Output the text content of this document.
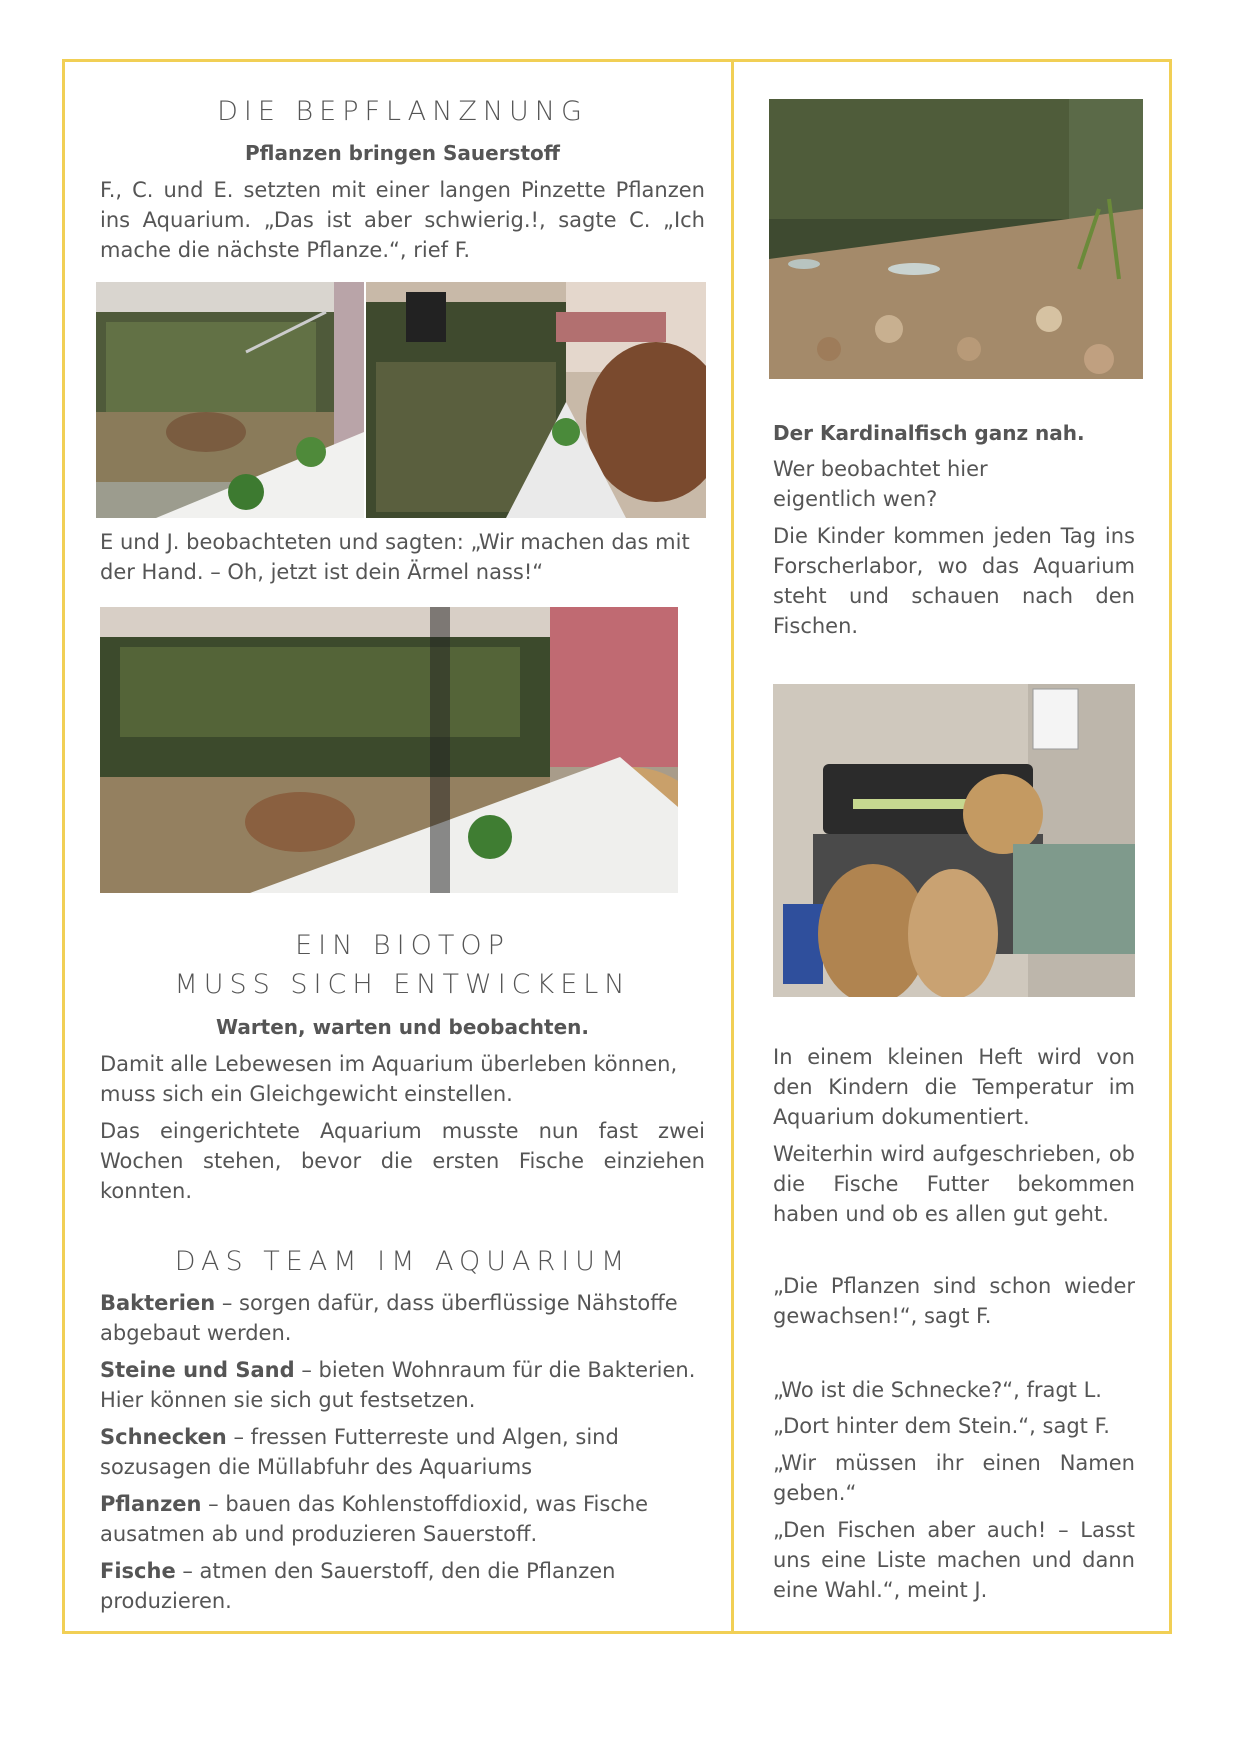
DIE BEPFLANZNUNG
Pflanzen bringen Sauerstoff

F., C. und E. setzten mit einer langen Pinzette Pflanzen ins Aquarium. „Das ist aber schwierig.!, sagte C. „Ich mache die nächste Pflanze.“, rief F.

E und J. beobachteten und sagten: „Wir machen das mit der Hand. – Oh, jetzt ist dein Ärmel nass!“

EIN BIOTOP
MUSS SICH ENTWICKELN
Warten, warten und beobachten.

Damit alle Lebewesen im Aquarium überleben können, muss sich ein Gleichgewicht einstellen.

Das eingerichtete Aquarium musste nun fast zwei Wochen stehen, bevor die ersten Fische einziehen konnten.

DAS TEAM IM AQUARIUM

Bakterien – sorgen dafür, dass überflüssige Nähstoffe abgebaut werden.

Steine und Sand – bieten Wohnraum für die Bakterien. Hier können sie sich gut festsetzen.

Schnecken – fressen Futterreste und Algen, sind sozusagen die Müllabfuhr des Aquariums

Pflanzen – bauen das Kohlenstoffdioxid, was Fische ausatmen ab und produzieren Sauerstoff.

Fische – atmen den Sauerstoff, den die Pflanzen produzieren.

Der Kardinalfisch ganz nah.

Wer beobachtet hier eigentlich wen?

Die Kinder kommen jeden Tag ins Forscherlabor, wo das Aquarium steht und schauen nach den Fischen.

In einem kleinen Heft wird von den Kindern die Temperatur im Aquarium dokumentiert.

Weiterhin wird aufgeschrieben, ob die Fische Futter bekommen haben und ob es allen gut geht.

„Die Pflanzen sind schon wieder gewachsen!“, sagt F.

„Wo ist die Schnecke?“, fragt L.

„Dort hinter dem Stein.“, sagt F.

„Wir müssen ihr einen Namen geben.“

„Den Fischen aber auch! – Lasst uns eine Liste machen und dann eine Wahl.“, meint J.
